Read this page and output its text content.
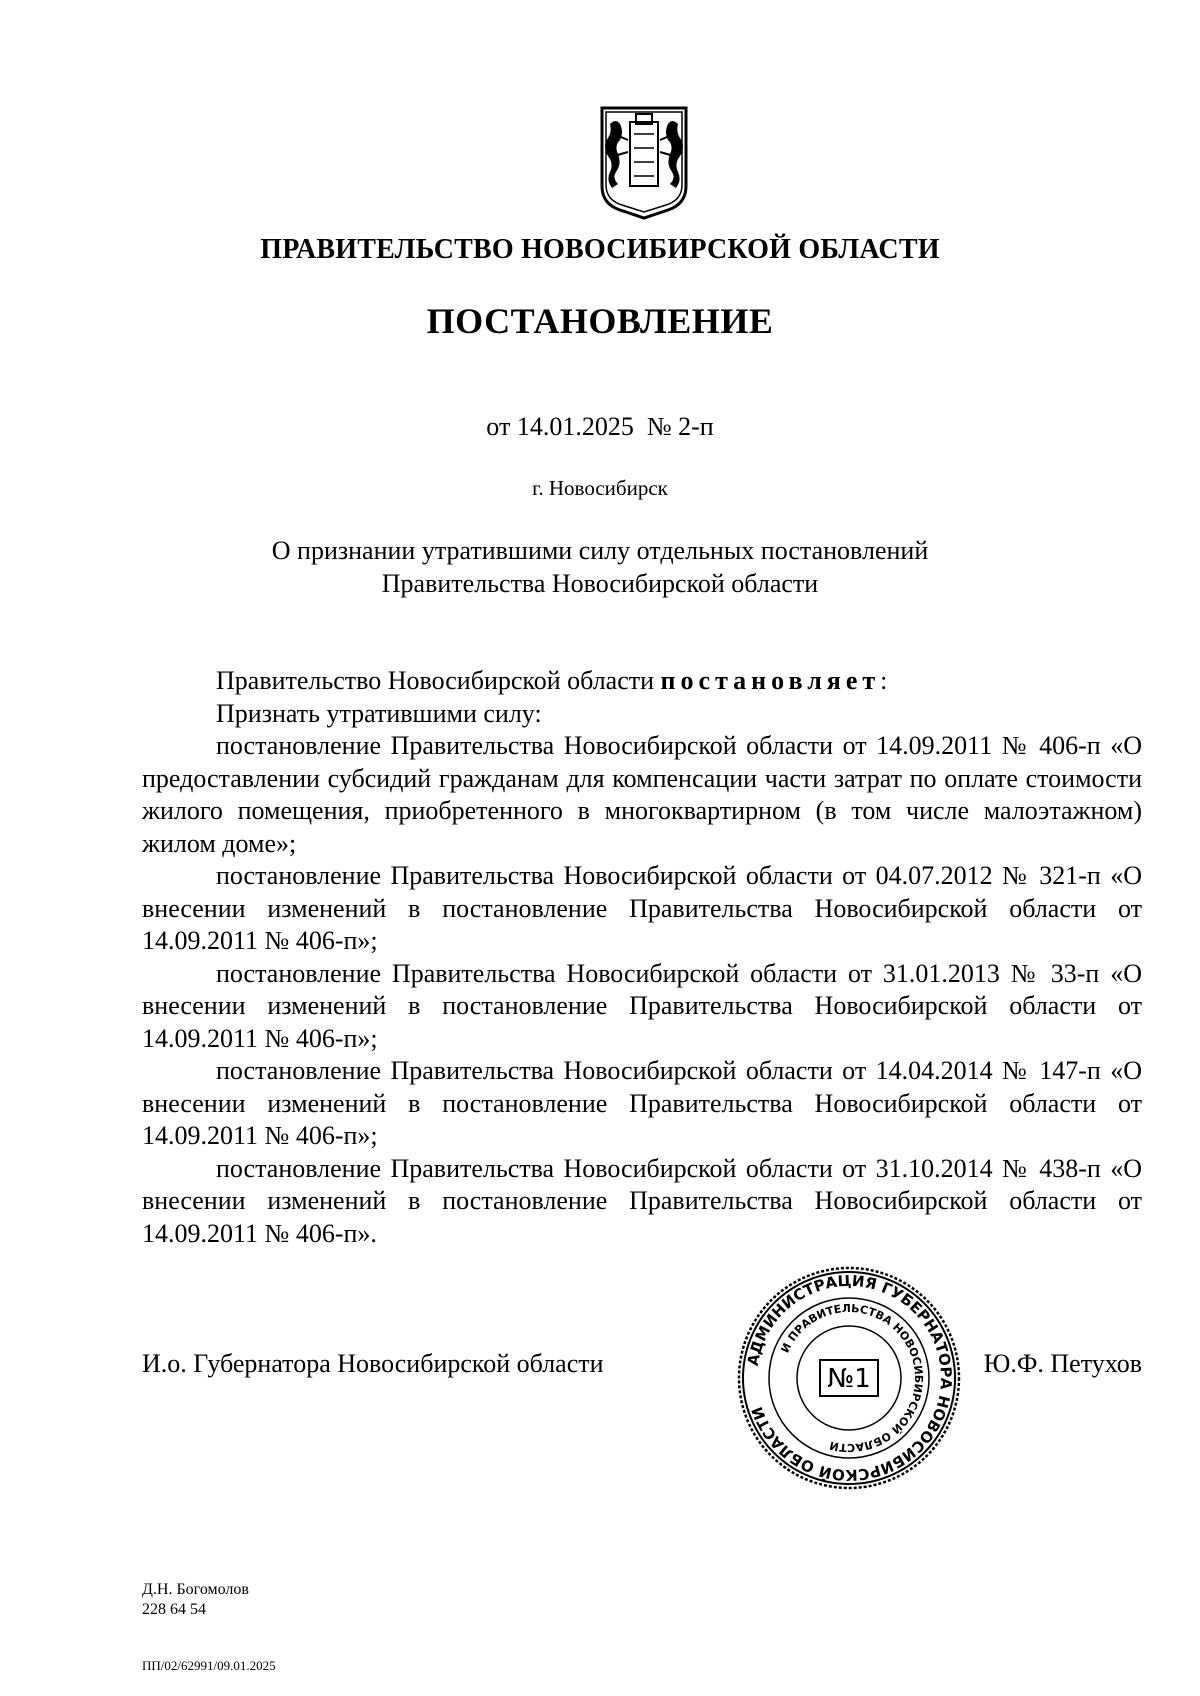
ПРАВИТЕЛЬСТВО НОВОСИБИРСКОЙ ОБЛАСТИ
ПОСТАНОВЛЕНИЕ
от 14.01.2025  № 2-п
г. Новосибирск
О признании утратившими силу отдельных постановлений
Правительства Новосибирской области

Правительство Новосибирской области постановляет:

Признать утратившими силу:

постановление Правительства Новосибирской области от 14.09.2011 № 406-п «О предоставлении субсидий гражданам для компенсации части затрат по оплате стоимости жилого помещения, приобретенного в многоквартирном (в том числе малоэтажном) жилом доме»;

постановление Правительства Новосибирской области от 04.07.2012 № 321-п «О внесении изменений в постановление Правительства Новосибирской области от 14.09.2011 № 406-п»;

постановление Правительства Новосибирской области от 31.01.2013 № 33-п «О внесении изменений в постановление Правительства Новосибирской области от 14.09.2011 № 406-п»;

постановление Правительства Новосибирской области от 14.04.2014 № 147-п «О внесении изменений в постановление Правительства Новосибирской области от 14.09.2011 № 406-п»;

постановление Правительства Новосибирской области от 31.10.2014 № 438-п «О внесении изменений в постановление Правительства Новосибирской области от 14.09.2011 № 406-п».

И.о. Губернатора Новосибирской области	Ю.Ф. Петухов
АДМИНИСТРАЦИЯ ГУБЕРНАТОРА НОВОСИБИРСКОЙ ОБЛАСТИ
И ПРАВИТЕЛЬСТВА НОВОСИБИРСКОЙ ОБЛАСТИ
№1
Д.Н. Богомолов
228 64 54
ПП/02/62991/09.01.2025
